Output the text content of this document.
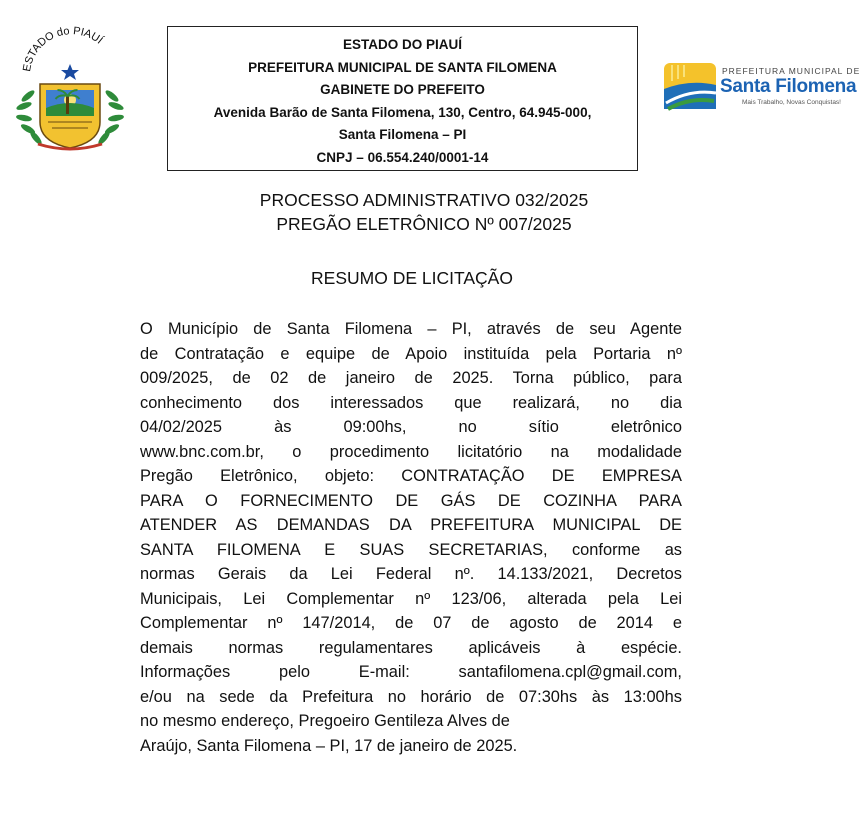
ESTADO do PIAUÍ	ESTADO DO PIAUÍ
PREFEITURA MUNICIPAL DE SANTA FILOMENA
GABINETE DO PREFEITO
Avenida Barão de Santa Filomena, 130, Centro, 64.945-000,
Santa Filomena – PI
CNPJ – 06.554.240/0001-14
PREFEITURA MUNICIPAL DE
Santa Filomena
Mais Trabalho, Novas Conquistas!
PROCESSO ADMINISTRATIVO 032/2025
PREGÃO ELETRÔNICO Nº 007/2025
RESUMO DE LICITAÇÃO
O Município de Santa Filomena – PI, através de seu Agente
de Contratação e equipe de Apoio instituída pela Portaria nº
009/2025, de 02 de janeiro de 2025. Torna público, para
conhecimento dos interessados que realizará, no dia
04/02/2025 às 09:00hs, no sítio eletrônico
www.bnc.com.br, o procedimento licitatório na modalidade
Pregão Eletrônico, objeto: CONTRATAÇÃO DE EMPRESA
PARA O FORNECIMENTO DE GÁS DE COZINHA PARA
ATENDER AS DEMANDAS DA PREFEITURA MUNICIPAL DE
SANTA FILOMENA E SUAS SECRETARIAS, conforme as
normas Gerais da Lei Federal nº. 14.133/2021, Decretos
Municipais, Lei Complementar nº 123/06, alterada pela Lei
Complementar nº 147/2014, de 07 de agosto de 2014 e
demais normas regulamentares aplicáveis à espécie.
Informações pelo E-mail: santafilomena.cpl@gmail.com,
e/ou na sede da Prefeitura no horário de 07:30hs às 13:00hs
no mesmo endereço, Pregoeiro Gentileza Alves de
Araújo, Santa Filomena – PI, 17 de janeiro de 2025.
